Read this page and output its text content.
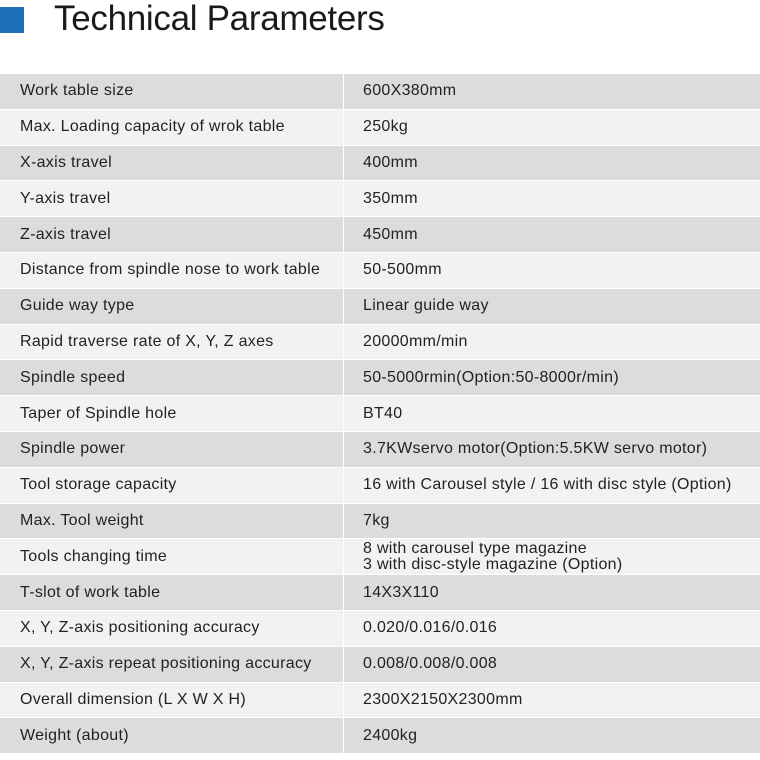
Technical Parameters
Work table size	600X380mm
Max. Loading capacity of wrok table	250kg
X-axis travel	400mm
Y-axis travel	350mm
Z-axis travel	450mm
Distance from spindle nose to work table	50-500mm
Guide way type	Linear guide way
Rapid traverse rate of X, Y, Z axes	20000mm/min
Spindle speed	50-5000rmin(Option:50-8000r/min)
Taper of Spindle hole	BT40
Spindle power	3.7KWservo motor(Option:5.5KW servo motor)
Tool storage capacity	16 with Carousel style / 16 with disc style (Option)
Max. Tool weight	7kg
Tools changing time	8 with carousel type magazine
3 with disc-style magazine (Option)
T-slot of work table	14X3X110
X, Y, Z-axis positioning accuracy	0.020/0.016/0.016
X, Y, Z-axis repeat positioning accuracy	0.008/0.008/0.008
Overall dimension (L X W X H)	2300X2150X2300mm
Weight (about)	2400kg
